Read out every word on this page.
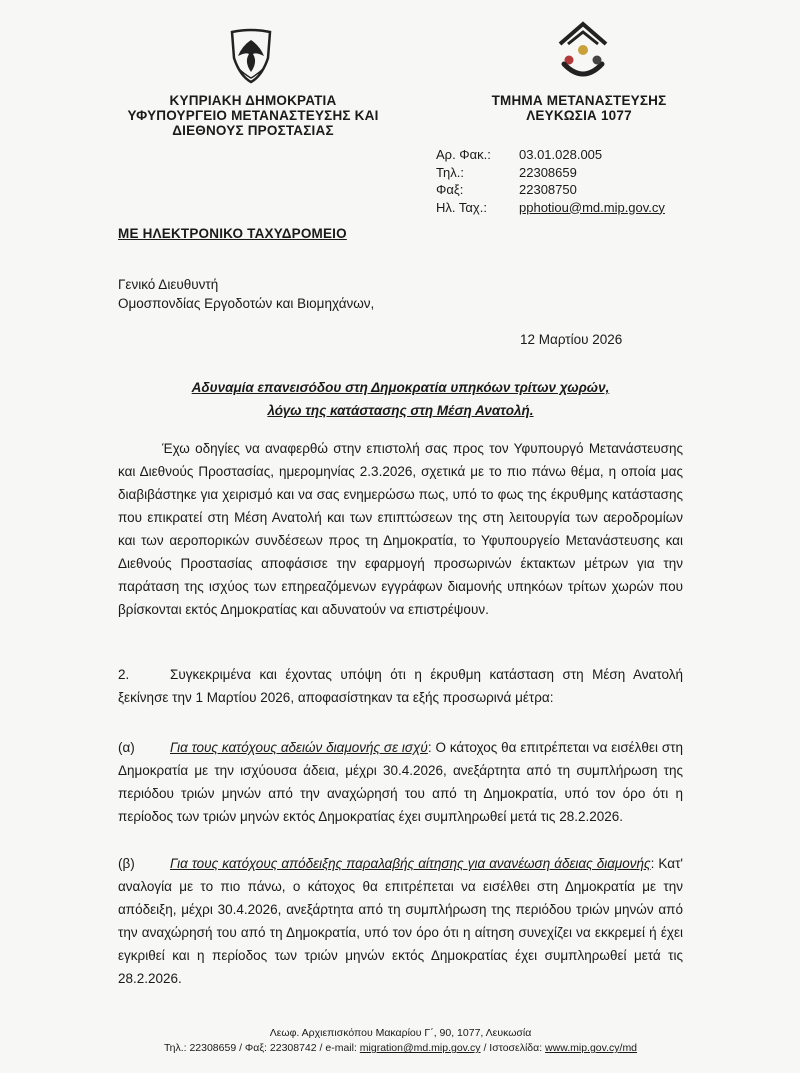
ΚΥΠΡΙΑΚΗ ΔΗΜΟΚΡΑΤΙΑ
ΥΦΥΠΟΥΡΓΕΙΟ ΜΕΤΑΝΑΣΤΕΥΣΗΣ ΚΑΙ
ΔΙΕΘΝΟΥΣ ΠΡΟΣΤΑΣΙΑΣ
ΤΜΗΜΑ ΜΕΤΑΝΑΣΤΕΥΣΗΣ
ΛΕΥΚΩΣΙΑ 1077
Αρ. Φακ.:	03.01.028.005
Τηλ.:	22308659
Φαξ:	22308750
Ηλ. Ταχ.:	pphotiou@md.mip.gov.cy
ΜΕ ΗΛΕΚΤΡΟΝΙΚΟ ΤΑΧΥΔΡΟΜΕΙΟ
Γενικό Διευθυντή
Ομοσπονδίας Εργοδοτών και Βιομηχάνων,
12 Μαρτίου 2026
Αδυναμία επανεισόδου στη Δημοκρατία υπηκόων τρίτων χωρών,
λόγω της κατάστασης στη Μέση Ανατολή.
Έχω οδηγίες να αναφερθώ στην επιστολή σας προς τον Υφυπουργό Μετανάστευσης και Διεθνούς Προστασίας, ημερομηνίας 2.3.2026, σχετικά με το πιο πάνω θέμα, η οποία μας διαβιβάστηκε για χειρισμό και να σας ενημερώσω πως, υπό το φως της έκρυθμης κατάστασης που επικρατεί στη Μέση Ανατολή και των επιπτώσεων της στη λειτουργία των αεροδρομίων και των αεροπορικών συνδέσεων προς τη Δημοκρατία, το Υφυπουργείο Μετανάστευσης και Διεθνούς Προστασίας αποφάσισε την εφαρμογή προσωρινών έκτακτων μέτρων για την παράταση της ισχύος των επηρεαζόμενων εγγράφων διαμονής υπηκόων τρίτων χωρών που βρίσκονται εκτός Δημοκρατίας και αδυνατούν να επιστρέψουν.
2.	Συγκεκριμένα και έχοντας υπόψη ότι η έκρυθμη κατάσταση στη Μέση Ανατολή ξεκίνησε την 1 Μαρτίου 2026, αποφασίστηκαν τα εξής προσωρινά μέτρα:
(α)	Για τους κατόχους αδειών διαμονής σε ισχύ: Ο κάτοχος θα επιτρέπεται να εισέλθει στη Δημοκρατία με την ισχύουσα άδεια, μέχρι 30.4.2026, ανεξάρτητα από τη συμπλήρωση της περιόδου τριών μηνών από την αναχώρησή του από τη Δημοκρατία, υπό τον όρο ότι η περίοδος των τριών μηνών εκτός Δημοκρατίας έχει συμπληρωθεί μετά τις 28.2.2026.
(β)	Για τους κατόχους απόδειξης παραλαβής αίτησης για ανανέωση άδειας διαμονής: Κατ' αναλογία με το πιο πάνω, ο κάτοχος θα επιτρέπεται να εισέλθει στη Δημοκρατία με την απόδειξη, μέχρι 30.4.2026, ανεξάρτητα από τη συμπλήρωση της περιόδου τριών μηνών από την αναχώρησή του από τη Δημοκρατία, υπό τον όρο ότι η αίτηση συνεχίζει να εκκρεμεί ή έχει εγκριθεί και η περίοδος των τριών μηνών εκτός Δημοκρατίας έχει συμπληρωθεί μετά τις 28.2.2026.
Λεωφ. Αρχιεπισκόπου Μακαρίου Γ΄, 90, 1077, Λευκωσία
Τηλ.: 22308659 / Φαξ: 22308742 / e-mail: migration@md.mip.gov.cy / Ιστοσελίδα: www.mip.gov.cy/md
